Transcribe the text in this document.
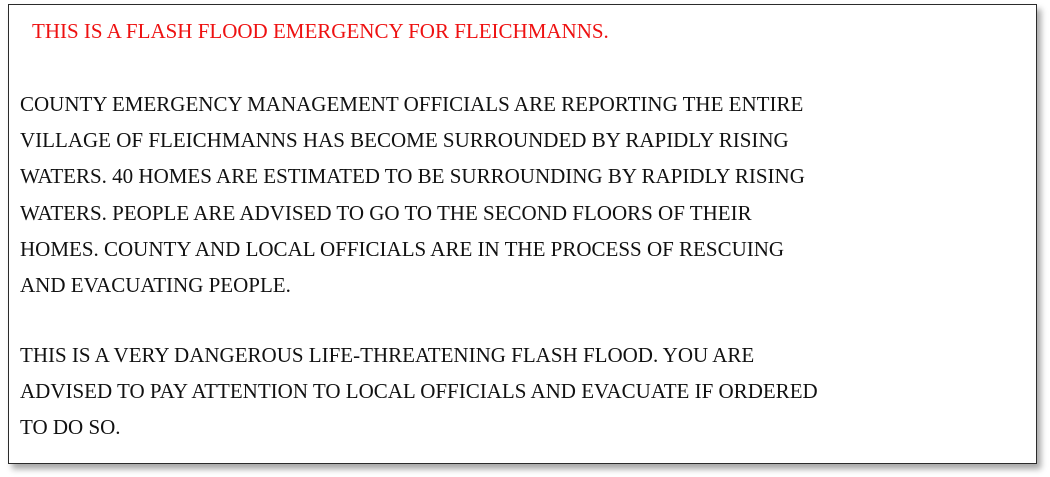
THIS IS A FLASH FLOOD EMERGENCY FOR FLEICHMANNS.

COUNTY EMERGENCY MANAGEMENT OFFICIALS ARE REPORTING THE ENTIRE
VILLAGE OF FLEICHMANNS HAS BECOME SURROUNDED BY RAPIDLY RISING
WATERS. 40 HOMES ARE ESTIMATED TO BE SURROUNDING BY RAPIDLY RISING
WATERS. PEOPLE ARE ADVISED TO GO TO THE SECOND FLOORS OF THEIR
HOMES. COUNTY AND LOCAL OFFICIALS ARE IN THE PROCESS OF RESCUING
AND EVACUATING PEOPLE.

THIS IS A VERY DANGEROUS LIFE-THREATENING FLASH FLOOD. YOU ARE
ADVISED TO PAY ATTENTION TO LOCAL OFFICIALS AND EVACUATE IF ORDERED
TO DO SO.
